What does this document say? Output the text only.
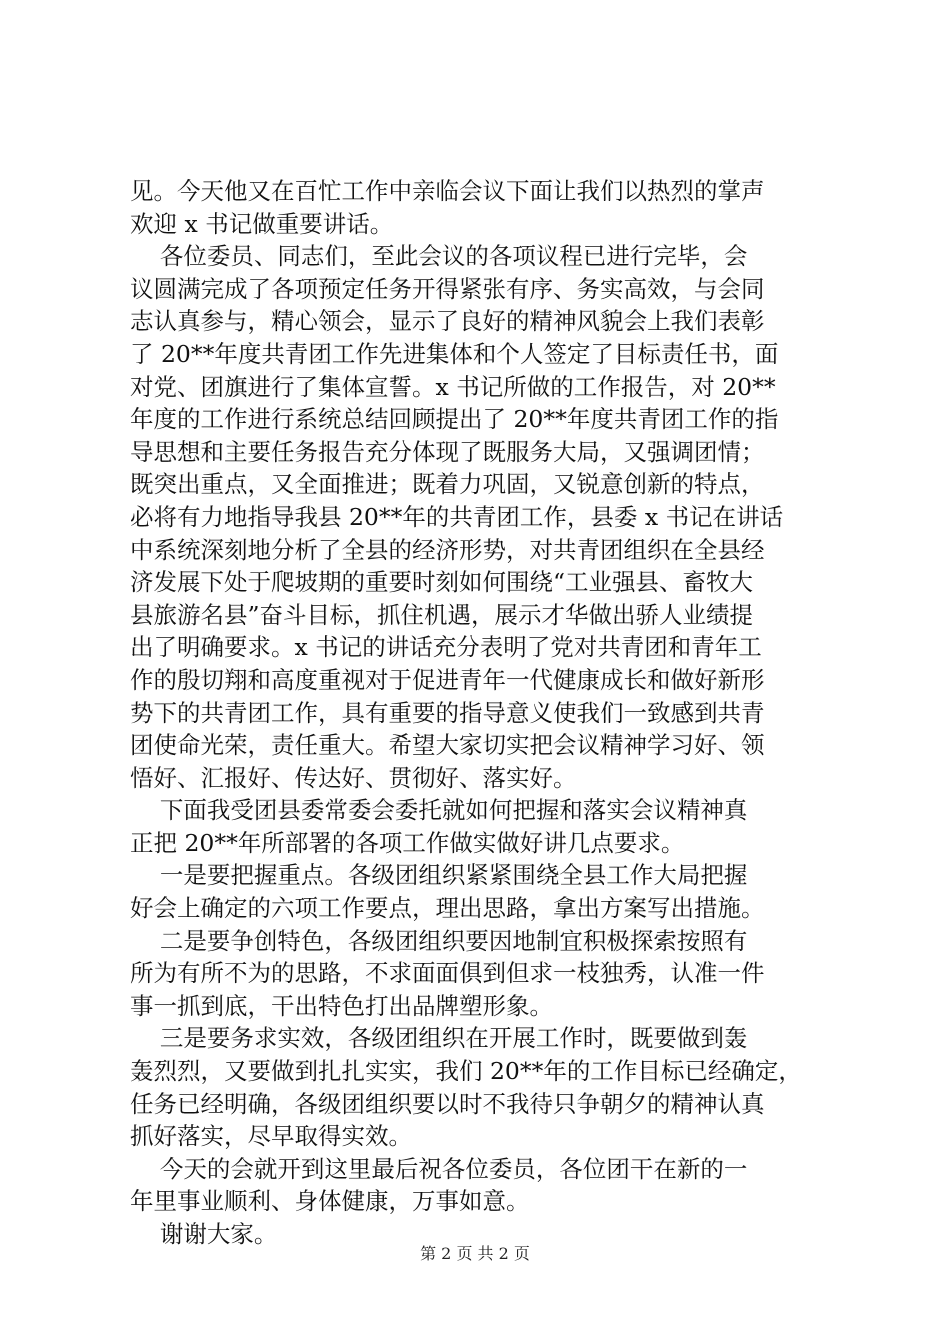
见。今天他又在百忙工作中亲临会议下面让我们以热烈的掌声
欢迎 x 书记做重要讲话。

各位委员、同志们，至此会议的各项议程已进行完毕，会
议圆满完成了各项预定任务开得紧张有序、务实高效，与会同
志认真参与，精心领会，显示了良好的精神风貌会上我们表彰
了 20**年度共青团工作先进集体和个人签定了目标责任书，面
对党、团旗进行了集体宣誓。x 书记所做的工作报告，对 20**
年度的工作进行系统总结回顾提出了 20**年度共青团工作的指
导思想和主要任务报告充分体现了既服务大局，又强调团情；
既突出重点，又全面推进；既着力巩固，又锐意创新的特点，
必将有力地指导我县 20**年的共青团工作，县委 x 书记在讲话
中系统深刻地分析了全县的经济形势，对共青团组织在全县经
济发展下处于爬坡期的重要时刻如何围绕“工业强县、畜牧大
县旅游名县”奋斗目标，抓住机遇，展示才华做出骄人业绩提
出了明确要求。x 书记的讲话充分表明了党对共青团和青年工
作的殷切翔和高度重视对于促进青年一代健康成长和做好新形
势下的共青团工作，具有重要的指导意义使我们一致感到共青
团使命光荣，责任重大。希望大家切实把会议精神学习好、领
悟好、汇报好、传达好、贯彻好、落实好。

下面我受团县委常委会委托就如何把握和落实会议精神真
正把 20**年所部署的各项工作做实做好讲几点要求。

一是要把握重点。各级团组织紧紧围绕全县工作大局把握
好会上确定的六项工作要点，理出思路，拿出方案写出措施。

二是要争创特色，各级团组织要因地制宜积极探索按照有
所为有所不为的思路，不求面面俱到但求一枝独秀，认准一件
事一抓到底，干出特色打出品牌塑形象。

三是要务求实效，各级团组织在开展工作时，既要做到轰
轰烈烈，又要做到扎扎实实，我们 20**年的工作目标已经确定，
任务已经明确，各级团组织要以时不我待只争朝夕的精神认真
抓好落实，尽早取得实效。

今天的会就开到这里最后祝各位委员，各位团干在新的一
年里事业顺利、身体健康，万事如意。

谢谢大家。

第 2 页 共 2 页
